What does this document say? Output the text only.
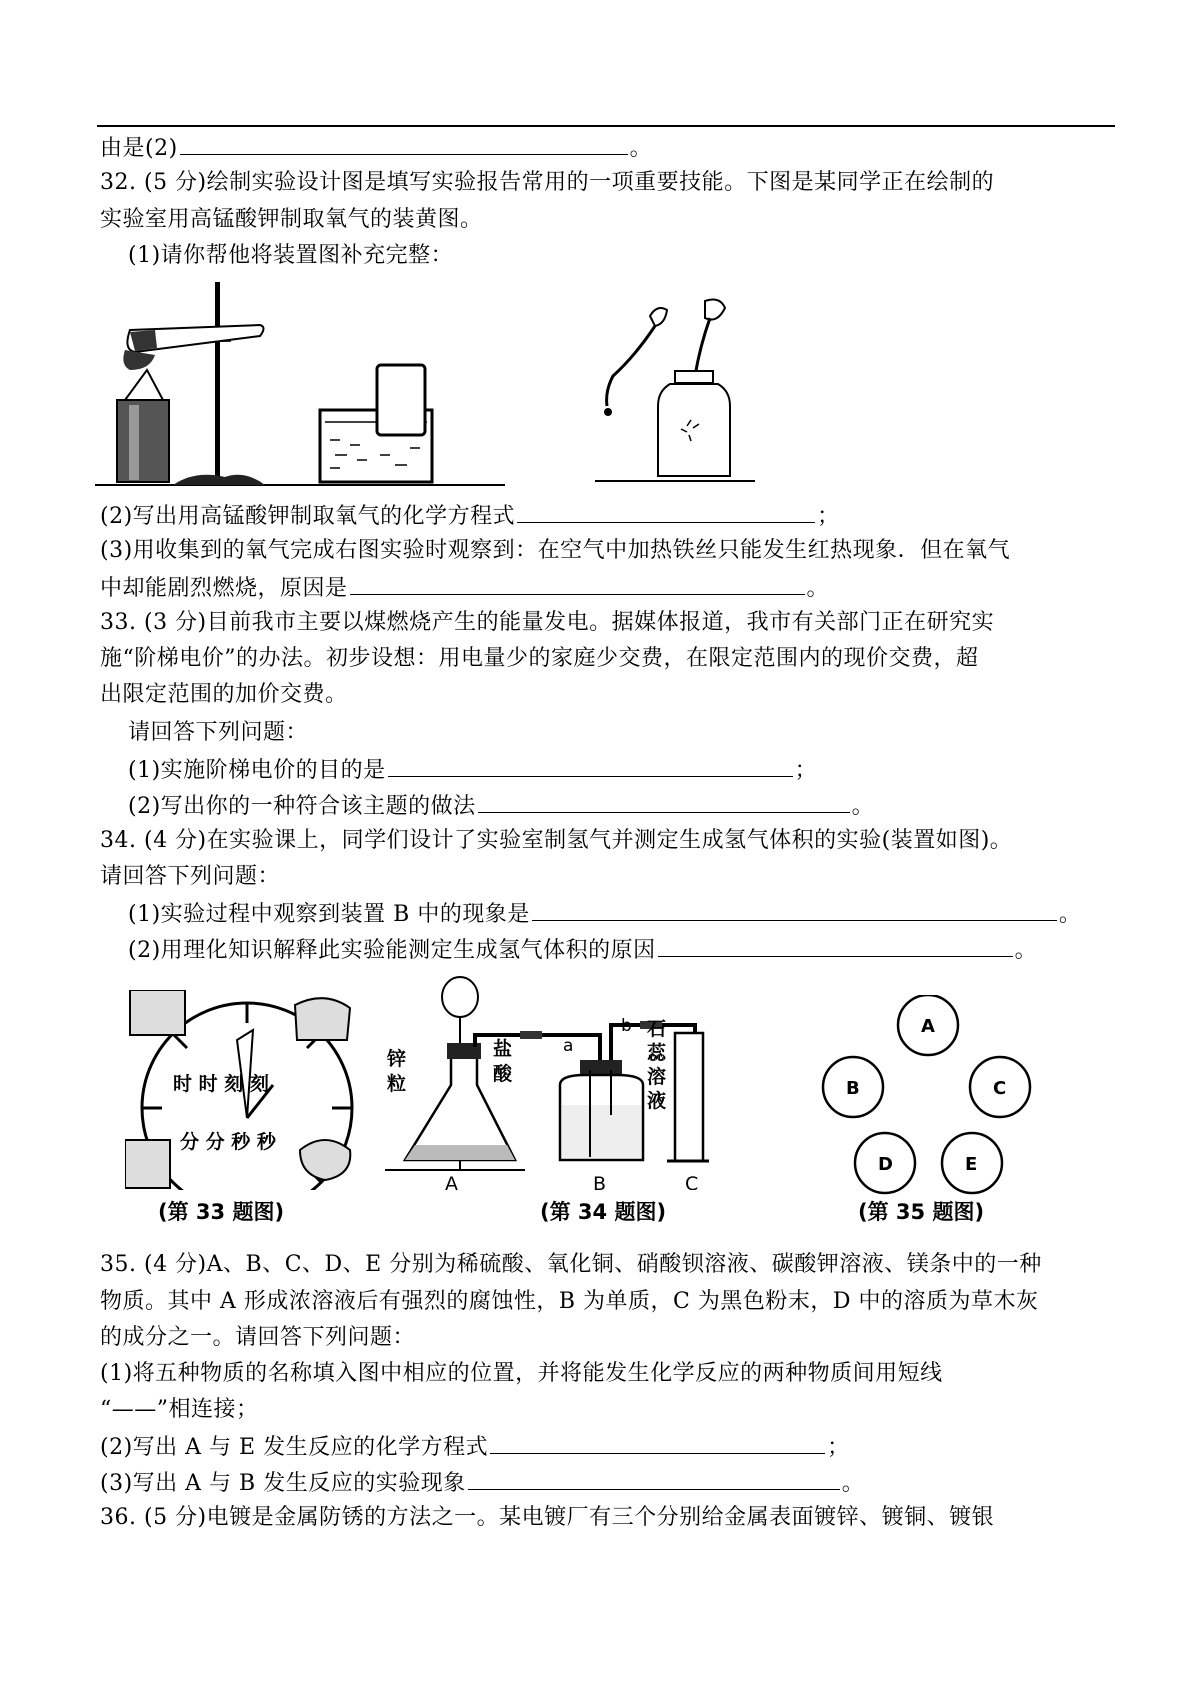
由是(2)	。
32. (5 分)绘制实验设计图是填写实验报告常用的一项重要技能。下图是某同学正在绘制的
实验室用高锰酸钾制取氧气的装黄图。
(1)请你帮他将装置图补充完整：
(2)写出用高锰酸钾制取氧气的化学方程式	；
(3)用收集到的氧气完成右图实验时观察到：在空气中加热铁丝只能发生红热现象．但在氧气
中却能剧烈燃烧，原因是	。
33. (3 分)目前我市主要以煤燃烧产生的能量发电。据媒体报道，我市有关部门正在研究实
施“阶梯电价”的办法。初步设想：用电量少的家庭少交费，在限定范围内的现价交费，超
出限定范围的加价交费。
请回答下列问题：
(1)实施阶梯电价的目的是	；
(2)写出你的一种符合该主题的做法	。
34. (4 分)在实验课上，同学们设计了实验室制氢气并测定生成氢气体积的实验(装置如图)。
请回答下列问题：
(1)实验过程中观察到装置 B 中的现象是	。
(2)用理化知识解释此实验能测定生成氢气体积的原因	。
时 时 刻 刻
分 分 秒 秒
(第 33 题图)
锌
粒
盐
酸
a
b 石
蕊
溶
液
A	B	C
(第 34 题图)
A
B	C
D	E
(第 35 题图)
35. (4 分)A、B、C、D、E 分别为稀硫酸、氧化铜、硝酸钡溶液、碳酸钾溶液、镁条中的一种
物质。其中 A 形成浓溶液后有强烈的腐蚀性，B 为单质，C 为黑色粉末，D 中的溶质为草木灰
的成分之一。请回答下列问题：
(1)将五种物质的名称填入图中相应的位置，并将能发生化学反应的两种物质间用短线
“——”相连接；
(2)写出 A 与 E 发生反应的化学方程式	；
(3)写出 A 与 B 发生反应的实验现象	。
36. (5 分)电镀是金属防锈的方法之一。某电镀厂有三个分别给金属表面镀锌、镀铜、镀银
